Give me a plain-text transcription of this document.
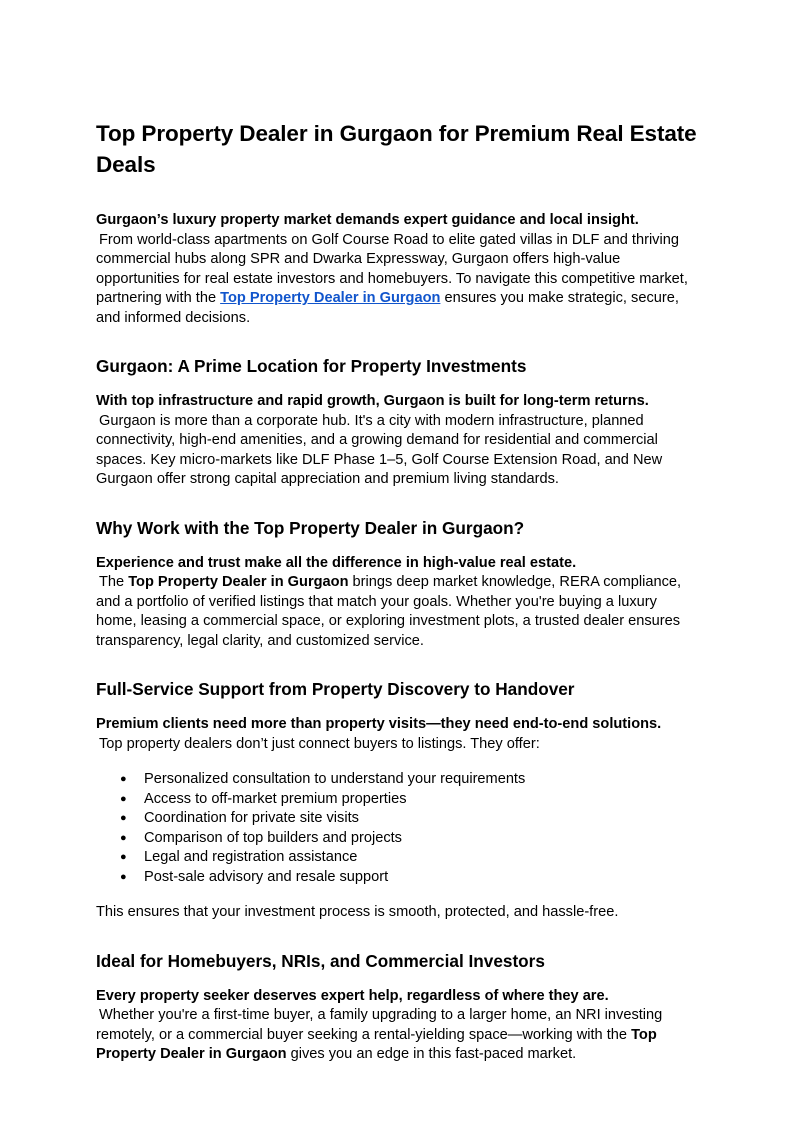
Top Property Dealer in Gurgaon for Premium Real Estate Deals

Gurgaon’s luxury property market demands expert guidance and local insight.
From world-class apartments on Golf Course Road to elite gated villas in DLF and thriving commercial hubs along SPR and Dwarka Expressway, Gurgaon offers high-value opportunities for real estate investors and homebuyers. To navigate this competitive market, partnering with the Top Property Dealer in Gurgaon ensures you make strategic, secure, and informed decisions.

Gurgaon: A Prime Location for Property Investments

With top infrastructure and rapid growth, Gurgaon is built for long-term returns.
Gurgaon is more than a corporate hub. It's a city with modern infrastructure, planned connectivity, high-end amenities, and a growing demand for residential and commercial spaces. Key micro-markets like DLF Phase 1–5, Golf Course Extension Road, and New Gurgaon offer strong capital appreciation and premium living standards.

Why Work with the Top Property Dealer in Gurgaon?

Experience and trust make all the difference in high-value real estate.
The Top Property Dealer in Gurgaon brings deep market knowledge, RERA compliance, and a portfolio of verified listings that match your goals. Whether you're buying a luxury home, leasing a commercial space, or exploring investment plots, a trusted dealer ensures transparency, legal clarity, and customized service.

Full-Service Support from Property Discovery to Handover

Premium clients need more than property visits—they need end-to-end solutions.
Top property dealers don’t just connect buyers to listings. They offer:

● Personalized consultation to understand your requirements
● Access to off-market premium properties
● Coordination for private site visits
● Comparison of top builders and projects
● Legal and registration assistance
● Post-sale advisory and resale support

This ensures that your investment process is smooth, protected, and hassle-free.

Ideal for Homebuyers, NRIs, and Commercial Investors

Every property seeker deserves expert help, regardless of where they are.
Whether you're a first-time buyer, a family upgrading to a larger home, an NRI investing remotely, or a commercial buyer seeking a rental-yielding space—working with the Top Property Dealer in Gurgaon gives you an edge in this fast-paced market.
